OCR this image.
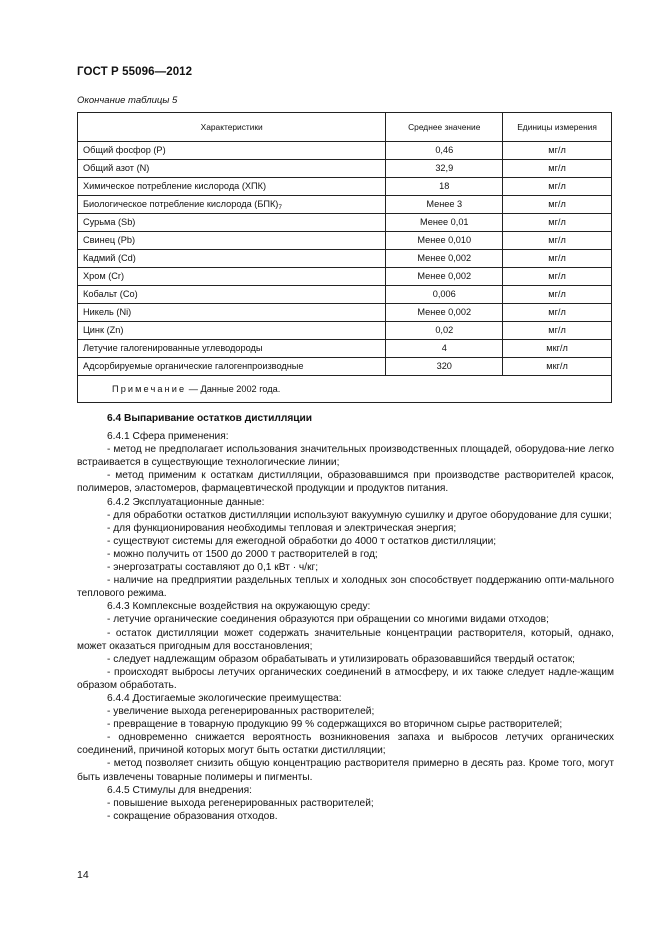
ГОСТ Р 55096—2012
Окончание таблицы 5
Характеристики	Среднее значение	Единицы измерения
Общий фосфор (Р)	0,46	мг/л
Общий азот (N)	32,9	мг/л
Химическое потребление кислорода (ХПК)	18	мг/л
Биологическое потребление кислорода $(БПК)_7$	Менее 3	мг/л
Сурьма (Sb)	Менее 0,01	мг/л
Свинец (Pb)	Менее 0,010	мг/л
Кадмий (Cd)	Менее 0,002	мг/л
Хром (Cr)	Менее 0,002	мг/л
Кобальт (Co)	0,006	мг/л
Никель (Ni)	Менее 0,002	мг/л
Цинк (Zn)	0,02	мг/л
Летучие галогенированные углеводороды	4	мкг/л
Адсорбируемые органические галогенпроизводные	320	мкг/л
Примечание — Данные 2002 года.		

6.4 Выпаривание остатков дистилляции

6.4.1 Сфера применения:

- метод не предполагает использования значительных производственных площадей, оборудова-ние легко встраивается в существующие технологические линии;

- метод применим к остаткам дистилляции, образовавшимся при производстве растворителей красок, полимеров, эластомеров, фармацевтической продукции и продуктов питания.

6.4.2 Эксплуатационные данные:

- для обработки остатков дистилляции используют вакуумную сушилку и другое оборудование для сушки;

- для функционирования необходимы тепловая и электрическая энергия;

- существуют системы для ежегодной обработки до 4000 т остатков дистилляции;

- можно получить от 1500 до 2000 т растворителей в год;

- энергозатраты составляют до 0,1 кВт · ч/кг;

- наличие на предприятии раздельных теплых и холодных зон способствует поддержанию опти-мального теплового режима.

6.4.3 Комплексные воздействия на окружающую среду:

- летучие органические соединения образуются при обращении со многими видами отходов;

- остаток дистилляции может содержать значительные концентрации растворителя, который, однако, может оказаться пригодным для восстановления;

- следует надлежащим образом обрабатывать и утилизировать образовавшийся твердый остаток;

- происходят выбросы летучих органических соединений в атмосферу, и их также следует надле-жащим образом обработать.

6.4.4 Достигаемые экологические преимущества:

- увеличение выхода регенерированных растворителей;

- превращение в товарную продукцию 99 % содержащихся во вторичном сырье растворителей;

- одновременно снижается вероятность возникновения запаха и выбросов летучих органических соединений, причиной которых могут быть остатки дистилляции;

- метод позволяет снизить общую концентрацию растворителя примерно в десять раз. Кроме того, могут быть извлечены товарные полимеры и пигменты.

6.4.5 Стимулы для внедрения:

- повышение выхода регенерированных растворителей;

- сокращение образования отходов.

14
